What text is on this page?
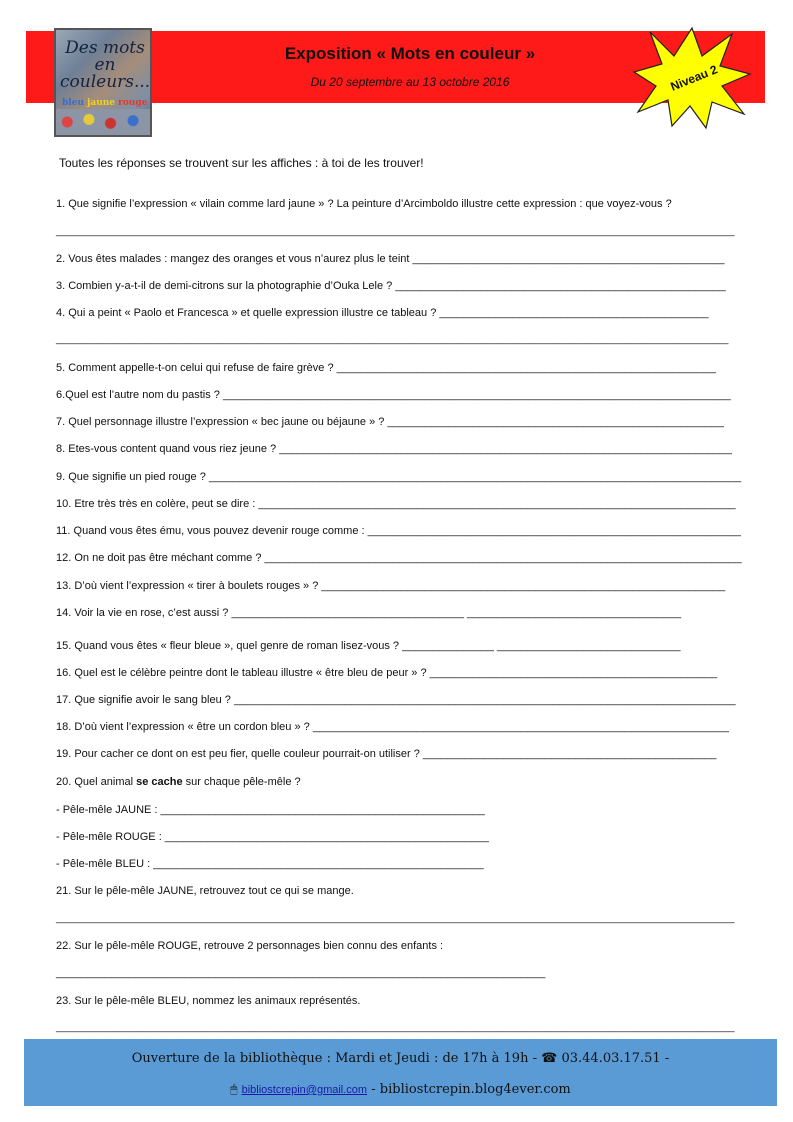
Des mots
en
couleurs...
bleu jaune rouge
Exposition « Mots en couleur »
Du 20 septembre au 13 octobre 2016	Niveau 2
Toutes les réponses se trouvent sur les affiches : à toi de les trouver!
1. Que signifie l’expression « vilain comme lard jaune » ? La peinture d’Arcimboldo illustre cette expression : que voyez-vous ?
__________________________________________________________________________________________________________________________
2. Vous êtes malades : mangez des oranges et vous n’aurez plus le teint ___________________________________________________
3. Combien y-a-t-il de demi-citrons sur la photographie d’Ouka Lele ? ______________________________________________________
4. Qui a peint « Paolo et Francesca » et quelle expression illustre ce tableau ? ____________________________________________
____________________________________________________________________________________________________________________________
5. Comment appelle-t-on celui qui refuse de faire grève ? ______________________________________________________________
6.Quel est l’autre nom du pastis ? ___________________________________________________________________________________
7. Quel personnage illustre l’expression « bec jaune ou béjaune » ? _______________________________________________________
8. Etes-vous content quand vous riez jeune ? __________________________________________________________________________
9. Que signifie un pied rouge ? _______________________________________________________________________________________
10. Etre très très en colère, peut se dire : ______________________________________________________________________________
11. Quand vous êtes ému, vous pouvez devenir rouge comme : _____________________________________________________________
12. On ne doit pas être méchant comme ? ______________________________________________________________________________
13. D’où vient l’expression « tirer à boulets rouges » ? __________________________________________________________________
14. Voir la vie en rose, c’est aussi ? ______________________________________ ___________________________________
15. Quand vous êtes « fleur bleue », quel genre de roman lisez-vous ? _______________ ______________________________
16. Quel est le célèbre peintre dont le tableau illustre « être bleu de peur » ? _______________________________________________
17. Que signifie avoir le sang bleu ? __________________________________________________________________________________
18. D’où vient l’expression « être un cordon bleu » ? ____________________________________________________________________
19. Pour cacher ce dont on est peu fier, quelle couleur pourrait-on utiliser ? ________________________________________________
20. Quel animal se cache sur chaque pêle-mêle ?
- Pêle-mêle JAUNE : _____________________________________________________
- Pêle-mêle ROUGE : _____________________________________________________
- Pêle-mêle BLEU : ______________________________________________________
21. Sur le pêle-mêle JAUNE, retrouvez tout ce qui se mange.
__________________________________________________________________________________________________________________________
22. Sur le pêle-mêle ROUGE, retrouve 2 personnages bien connu des enfants :
________________________________________________________________________________
23. Sur le pêle-mêle BLEU, nommez les animaux représentés.
__________________________________________________________________________________________________________________________
Ouverture de la bibliothèque : Mardi et Jeudi : de 17h à 19h - ☎ 03.44.03.17.51 -
🖱 bibliostcrepin@gmail.com - bibliostcrepin.blog4ever.com
